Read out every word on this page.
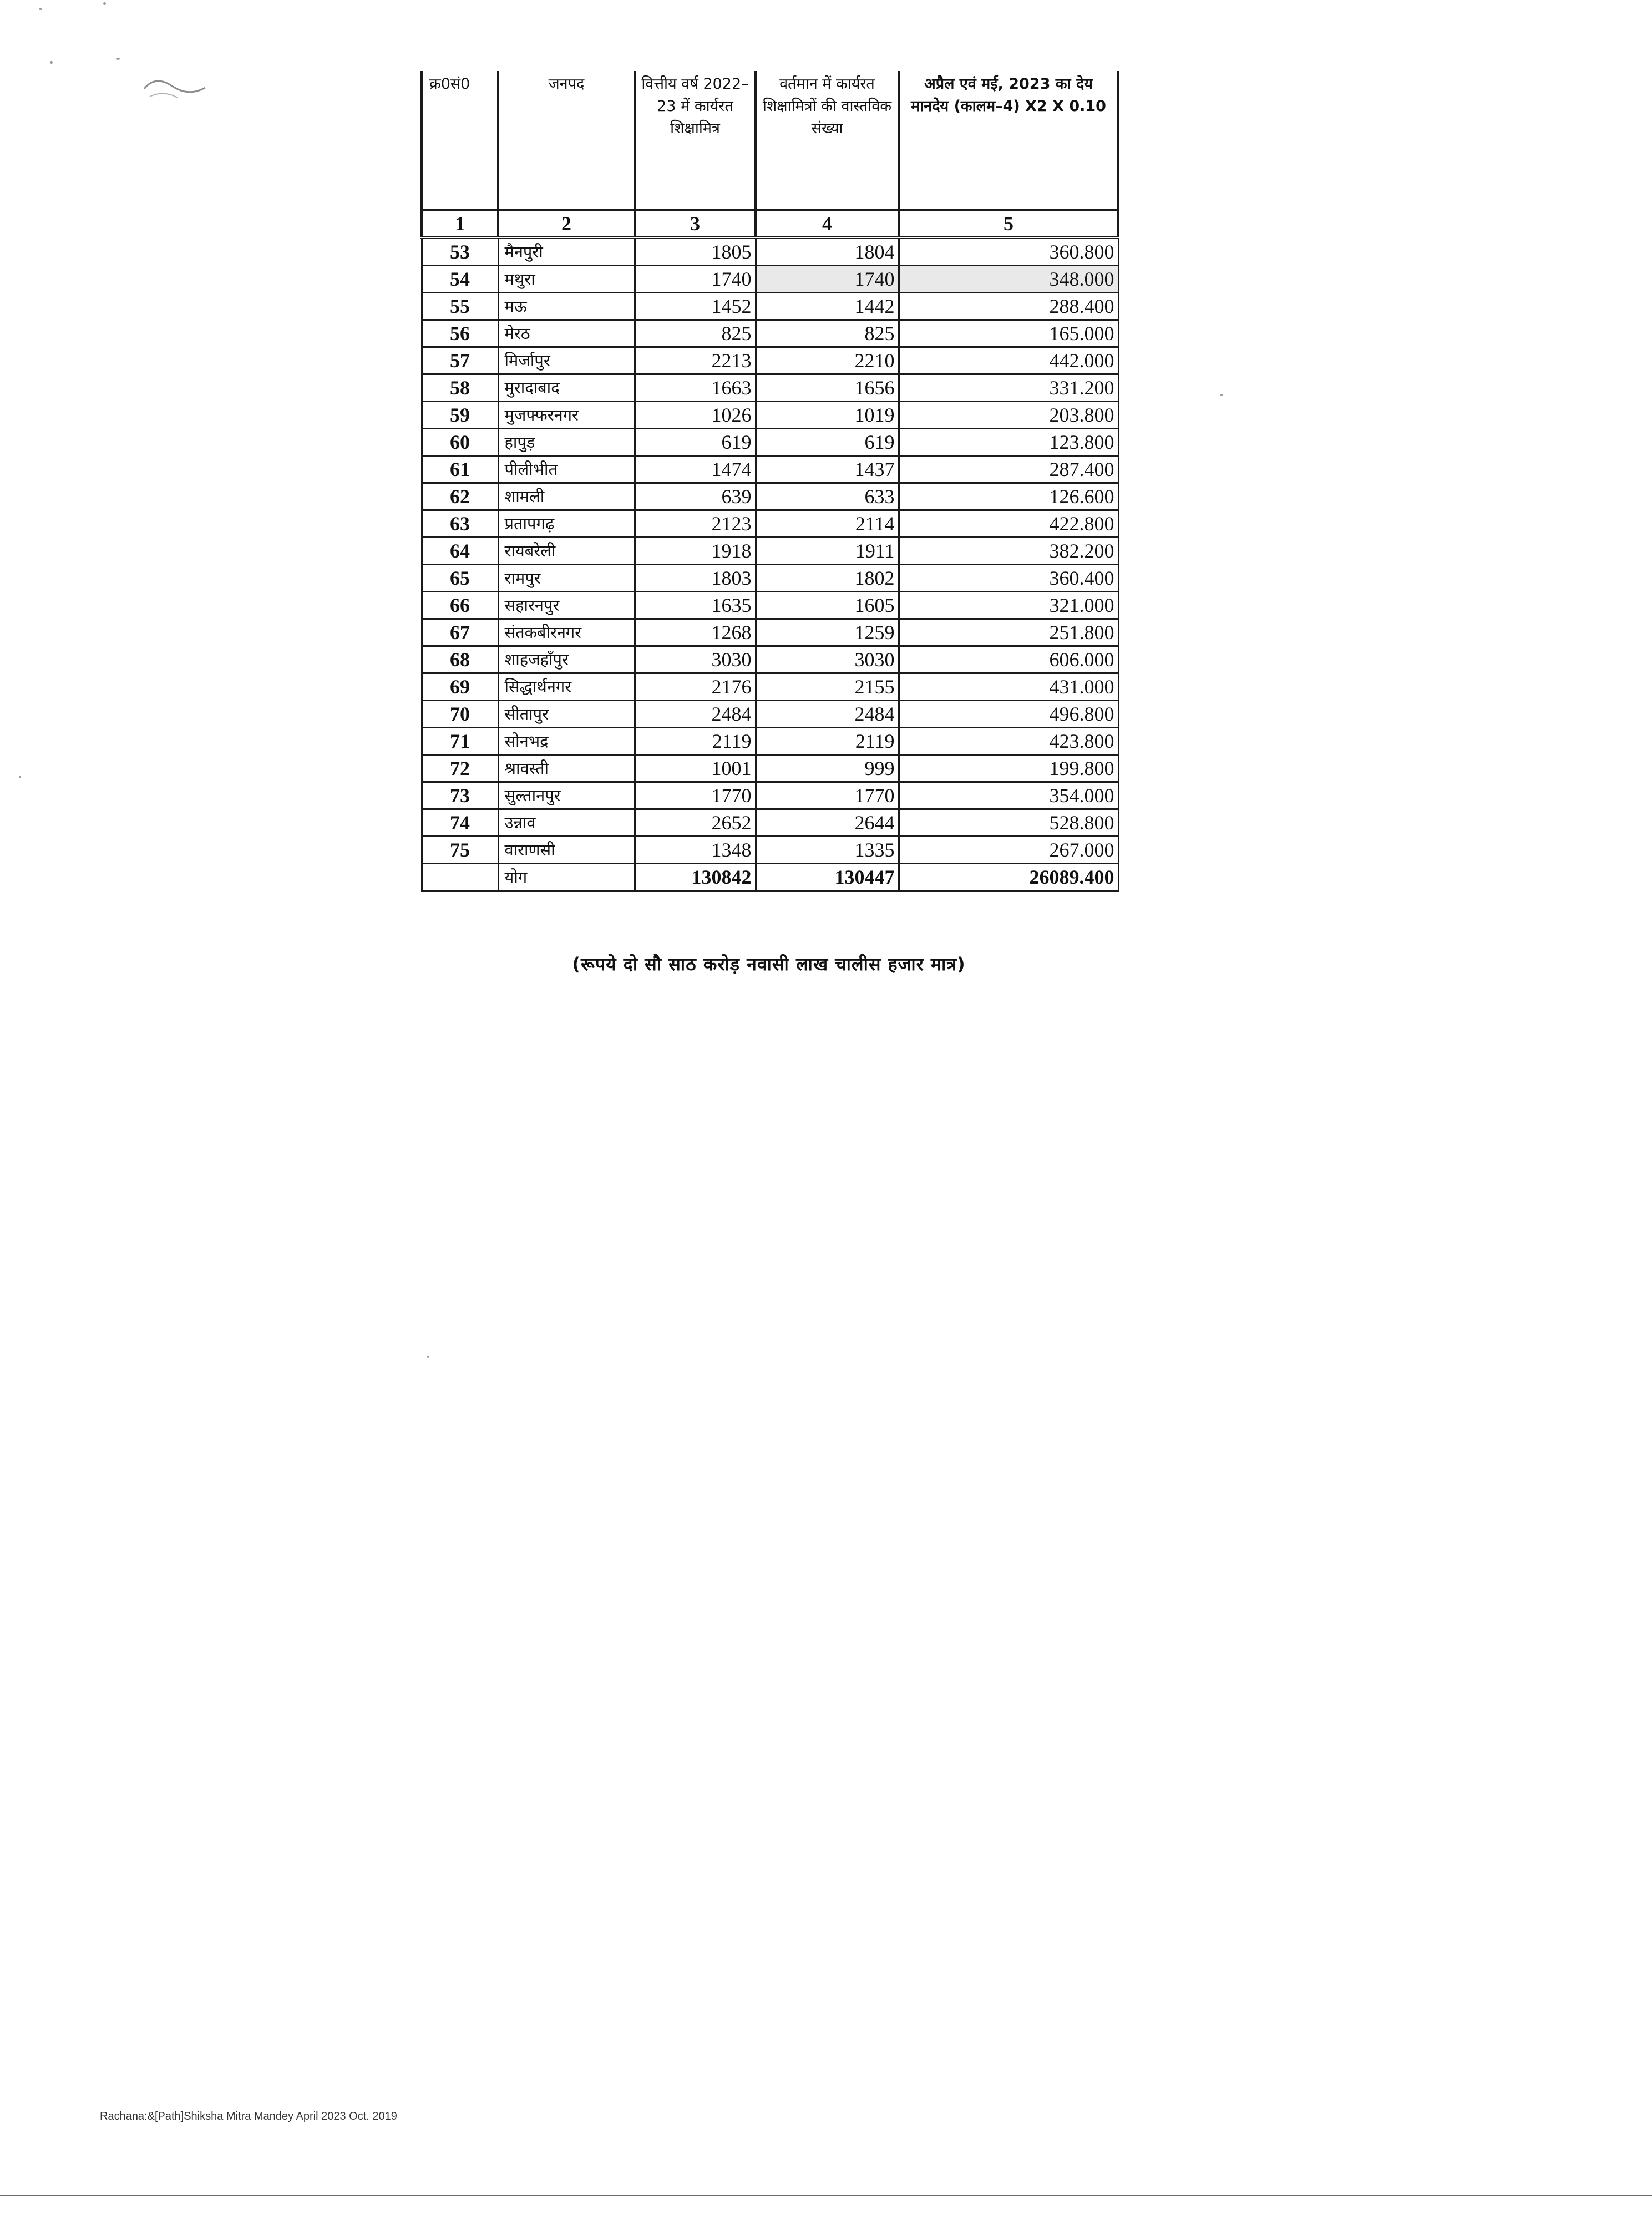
क्र0सं0	जनपद	वित्तीय वर्ष 2022–23 में कार्यरत शिक्षामित्र	वर्तमान में कार्यरत शिक्षामित्रों की वास्तविक संख्या	अप्रैल एवं मई, 2023 का देय मानदेय (कालम–4) X2 X 0.10
1	2	3	4	5
53	मैनपुरी	1805	1804	360.800
54	मथुरा	1740	1740	348.000
55	मऊ	1452	1442	288.400
56	मेरठ	825	825	165.000
57	मिर्जापुर	2213	2210	442.000
58	मुरादाबाद	1663	1656	331.200
59	मुजफ्फरनगर	1026	1019	203.800
60	हापुड़	619	619	123.800
61	पीलीभीत	1474	1437	287.400
62	शामली	639	633	126.600
63	प्रतापगढ़	2123	2114	422.800
64	रायबरेली	1918	1911	382.200
65	रामपुर	1803	1802	360.400
66	सहारनपुर	1635	1605	321.000
67	संतकबीरनगर	1268	1259	251.800
68	शाहजहाँपुर	3030	3030	606.000
69	सिद्धार्थनगर	2176	2155	431.000
70	सीतापुर	2484	2484	496.800
71	सोनभद्र	2119	2119	423.800
72	श्रावस्ती	1001	999	199.800
73	सुल्तानपुर	1770	1770	354.000
74	उन्नाव	2652	2644	528.800
75	वाराणसी	1348	1335	267.000
	योग	130842	130447	26089.400
(रूपये दो सौ साठ करोड़ नवासी लाख चालीस हजार मात्र)
Rachana:&[Path]Shiksha Mitra Mandey April 2023 Oct. 2019
